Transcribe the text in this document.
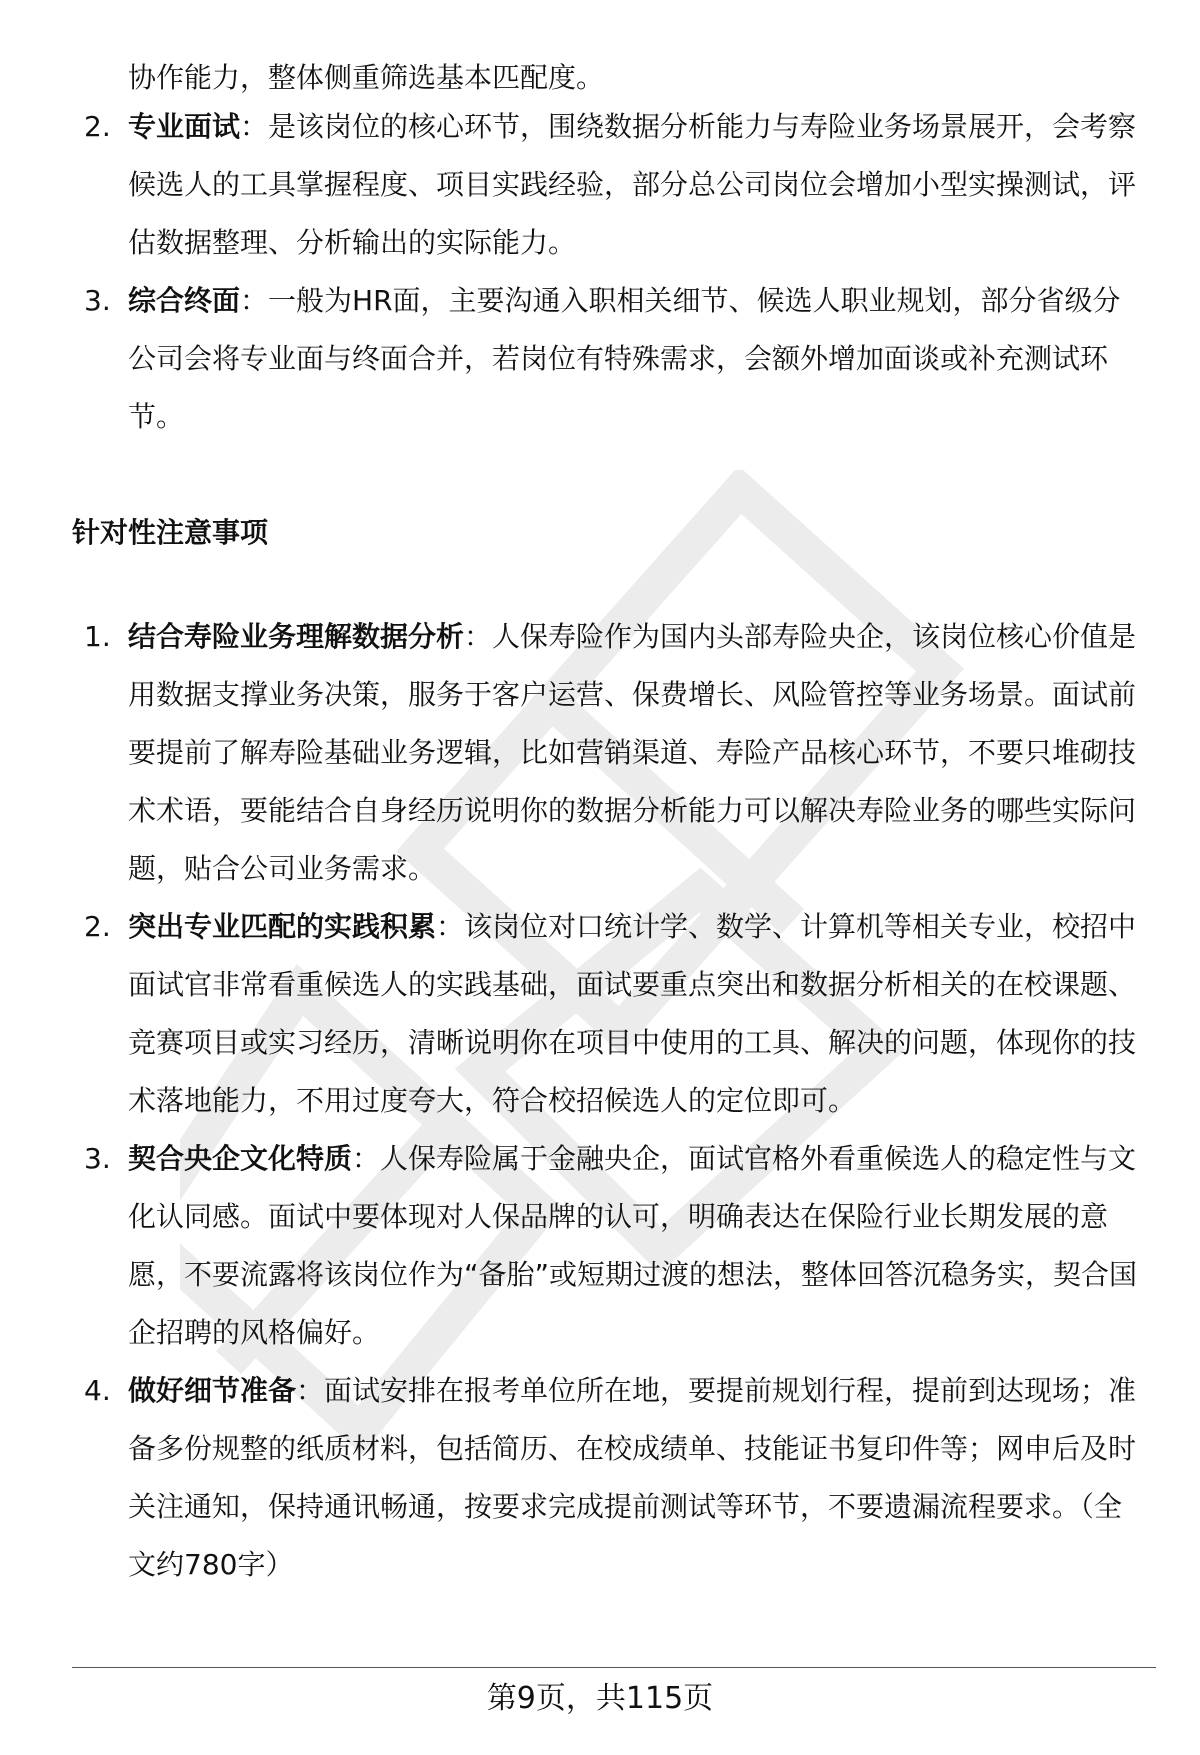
协作能力，整体侧重筛选基本匹配度。
2. 专业面试：是该岗位的核心环节，围绕数据分析能力与寿险业务场景展开，会考察候选人的工具掌握程度、项目实践经验，部分总公司岗位会增加小型实操测试，评估数据整理、分析输出的实际能力。
3. 综合终面：一般为HR面，主要沟通入职相关细节、候选人职业规划，部分省级分公司会将专业面与终面合并，若岗位有特殊需求，会额外增加面谈或补充测试环节。
针对性注意事项
1. 结合寿险业务理解数据分析：人保寿险作为国内头部寿险央企，该岗位核心价值是用数据支撑业务决策，服务于客户运营、保费增长、风险管控等业务场景。面试前要提前了解寿险基础业务逻辑，比如营销渠道、寿险产品核心环节，不要只堆砌技术术语，要能结合自身经历说明你的数据分析能力可以解决寿险业务的哪些实际问题，贴合公司业务需求。
2. 突出专业匹配的实践积累：该岗位对口统计学、数学、计算机等相关专业，校招中面试官非常看重候选人的实践基础，面试要重点突出和数据分析相关的在校课题、竞赛项目或实习经历，清晰说明你在项目中使用的工具、解决的问题，体现你的技术落地能力，不用过度夸大，符合校招候选人的定位即可。
3. 契合央企文化特质：人保寿险属于金融央企，面试官格外看重候选人的稳定性与文化认同感。面试中要体现对人保品牌的认可，明确表达在保险行业长期发展的意愿，不要流露将该岗位作为“备胎”或短期过渡的想法，整体回答沉稳务实，契合国企招聘的风格偏好。
4. 做好细节准备：面试安排在报考单位所在地，要提前规划行程，提前到达现场；准备多份规整的纸质材料，包括简历、在校成绩单、技能证书复印件等；网申后及时关注通知，保持通讯畅通，按要求完成提前测试等环节，不要遗漏流程要求。（全文约780字）
第9页，共115页
